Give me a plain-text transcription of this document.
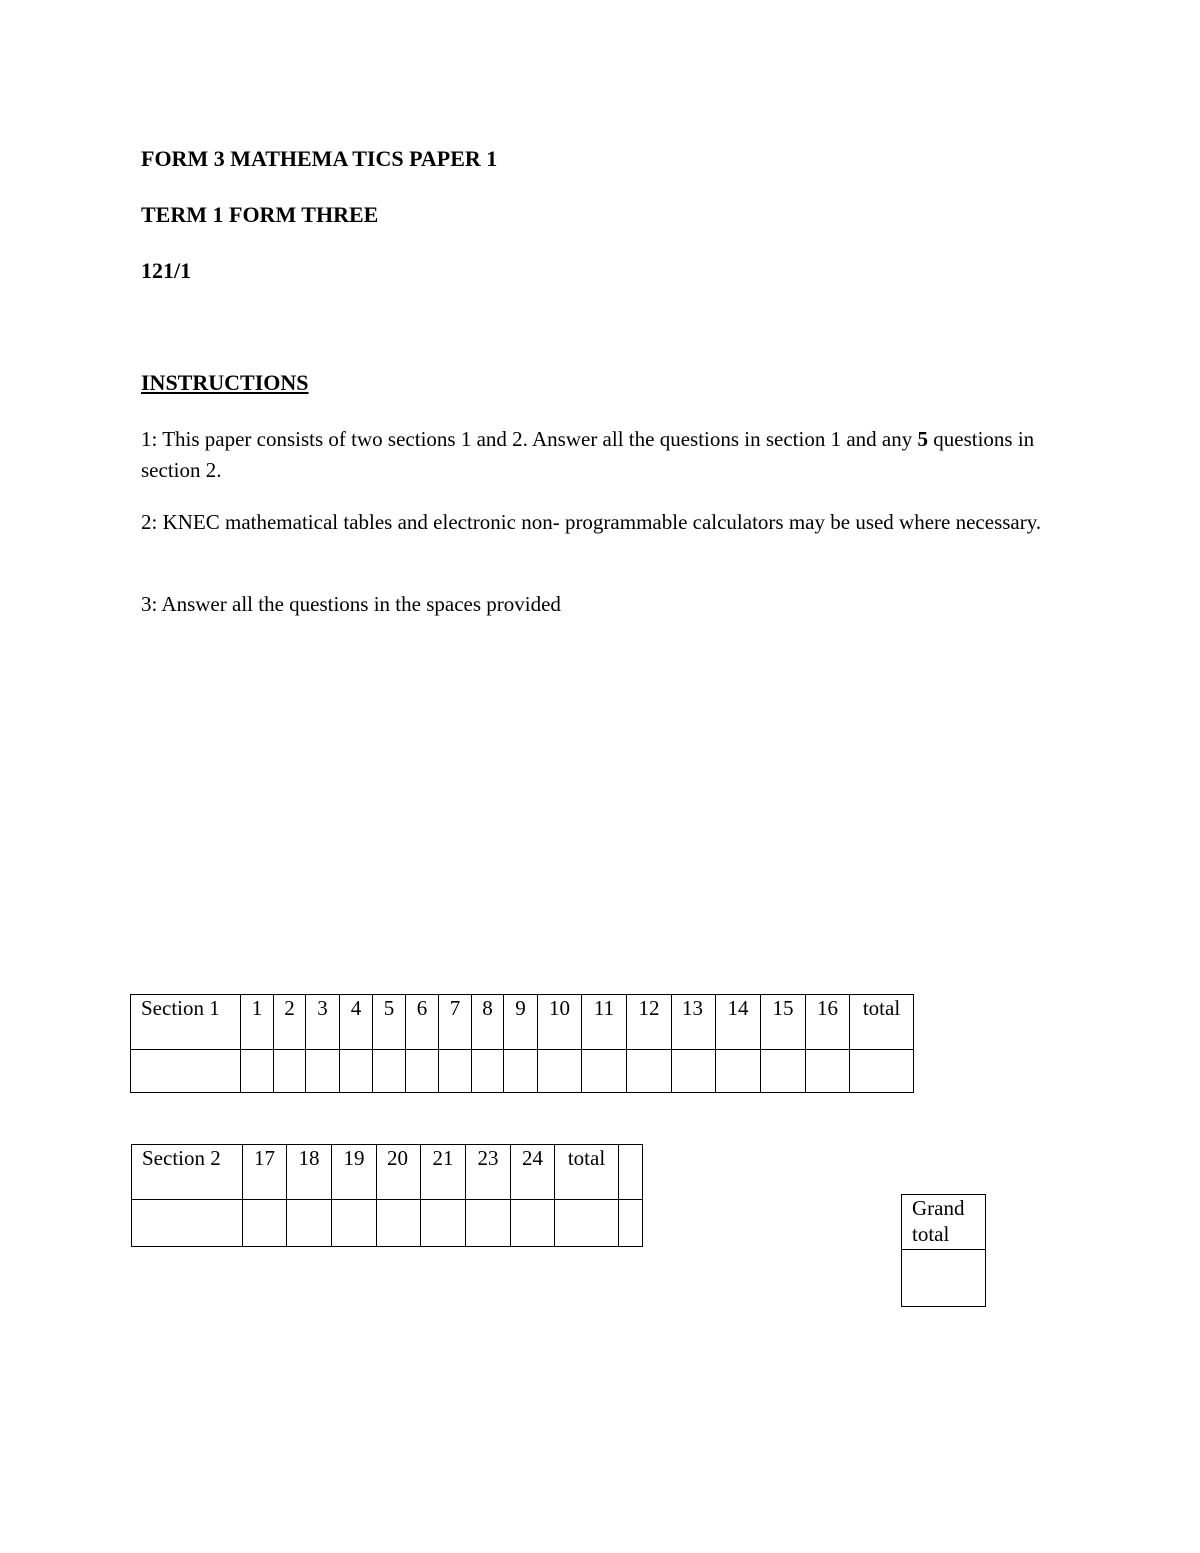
FORM 3 MATHEMA TICS PAPER 1
TERM 1 FORM THREE
121/1
INSTRUCTIONS
1: This paper consists of two sections 1 and 2. Answer all the questions in section 1 and any 5 questions in section 2.
2: KNEC mathematical tables and electronic non- programmable calculators may be used where necessary.
3: Answer all the questions in the spaces provided
Section 1	1	2	3	4	5	6	7	8	9	10	11	12	13	14	15	16	total

Section 2	17	18	19	20	21	23	24	total	

Grand total
